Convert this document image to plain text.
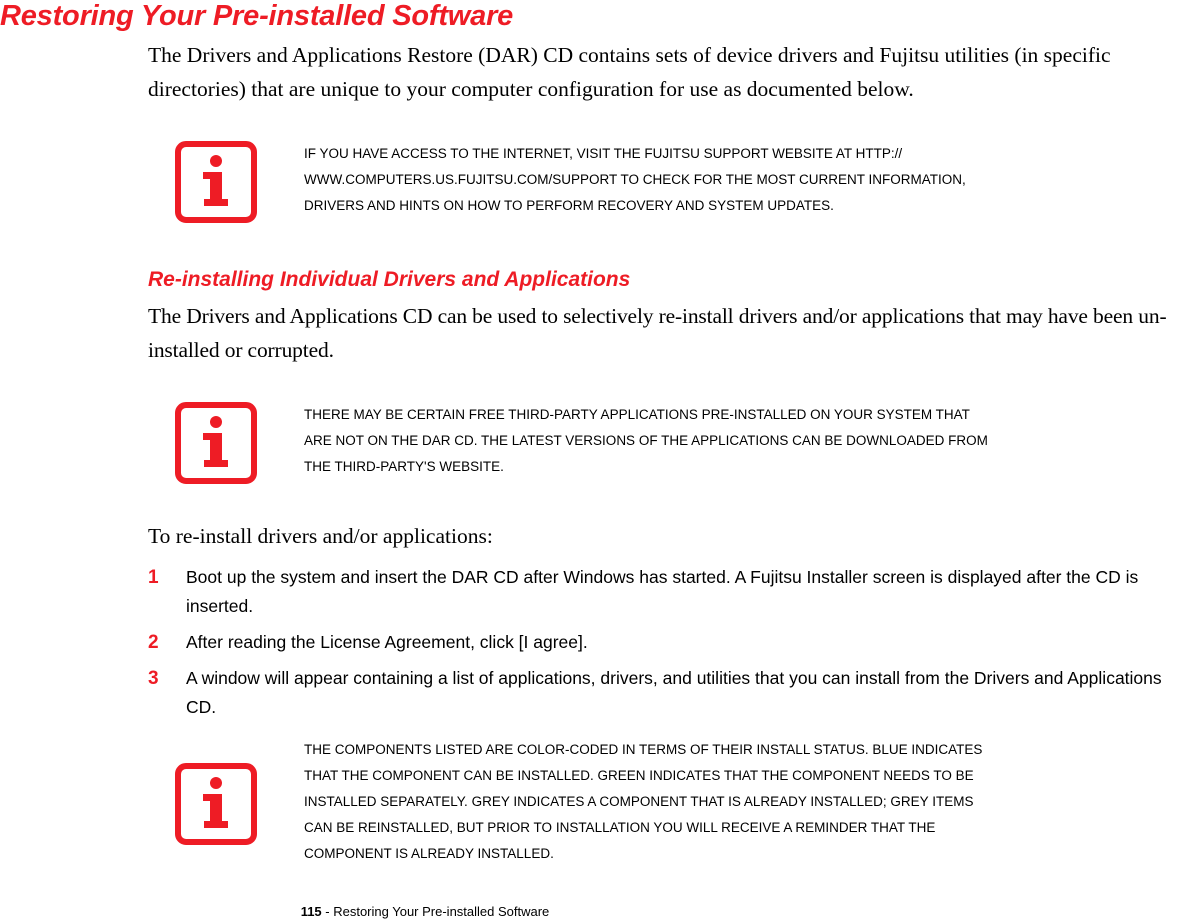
Restoring Your Pre-installed Software
The Drivers and Applications Restore (DAR) CD contains sets of device drivers and Fujitsu utilities (in specific directories) that are unique to your computer configuration for use as documented below.
IF YOU HAVE ACCESS TO THE INTERNET, VISIT THE FUJITSU SUPPORT WEBSITE AT HTTP://
WWW.COMPUTERS.US.FUJITSU.COM/SUPPORT TO CHECK FOR THE MOST CURRENT INFORMATION,
DRIVERS AND HINTS ON HOW TO PERFORM RECOVERY AND SYSTEM UPDATES.
Re-installing Individual Drivers and Applications
The Drivers and Applications CD can be used to selectively re-install drivers and/or applications that may have been un-installed or corrupted.
THERE MAY BE CERTAIN FREE THIRD-PARTY APPLICATIONS PRE-INSTALLED ON YOUR SYSTEM THAT
ARE NOT ON THE DAR CD. THE LATEST VERSIONS OF THE APPLICATIONS CAN BE DOWNLOADED FROM
THE THIRD-PARTY'S WEBSITE.
To re-install drivers and/or applications:
1 Boot up the system and insert the DAR CD after Windows has started. A Fujitsu Installer screen is displayed after the CD is inserted.
2 After reading the License Agreement, click [I agree].
3 A window will appear containing a list of applications, drivers, and utilities that you can install from the Drivers and Applications CD.
THE COMPONENTS LISTED ARE COLOR-CODED IN TERMS OF THEIR INSTALL STATUS. BLUE INDICATES
THAT THE COMPONENT CAN BE INSTALLED. GREEN INDICATES THAT THE COMPONENT NEEDS TO BE
INSTALLED SEPARATELY. GREY INDICATES A COMPONENT THAT IS ALREADY INSTALLED; GREY ITEMS
CAN BE REINSTALLED, BUT PRIOR TO INSTALLATION YOU WILL RECEIVE A REMINDER THAT THE
COMPONENT IS ALREADY INSTALLED.
115 - Restoring Your Pre-installed Software
